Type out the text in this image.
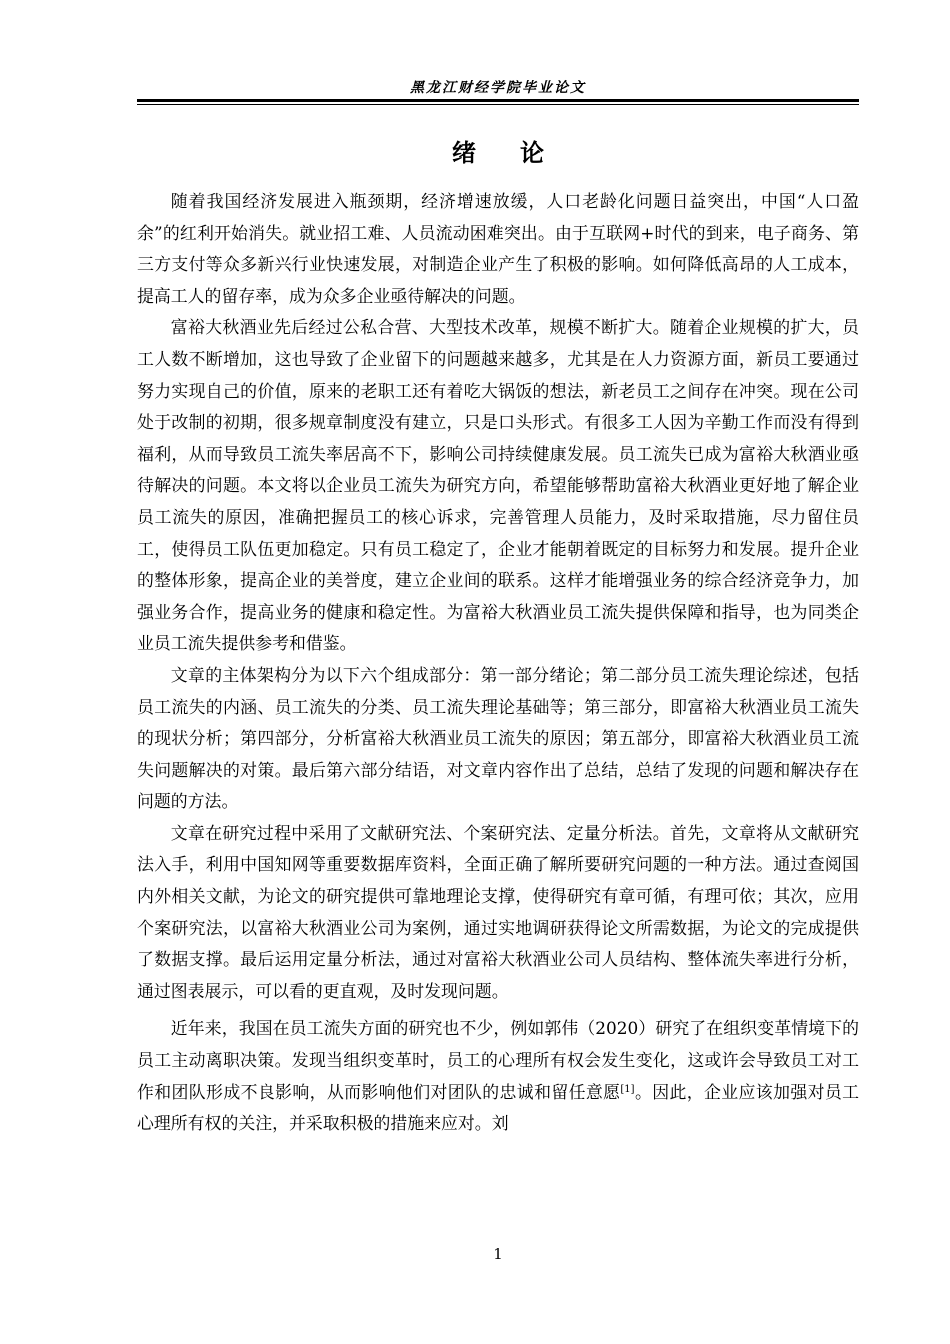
黑龙江财经学院毕业论文
绪 论

随着我国经济发展进入瓶颈期，经济增速放缓，人口老龄化问题日益突出，中国“人口盈余”的红利开始消失。就业招工难、人员流动困难突出。由于互联网+时代的到来，电子商务、第三方支付等众多新兴行业快速发展，对制造企业产生了积极的影响。如何降低高昂的人工成本，提高工人的留存率，成为众多企业亟待解决的问题。

富裕大秋酒业先后经过公私合营、大型技术改革，规模不断扩大。随着企业规模的扩大，员工人数不断增加，这也导致了企业留下的问题越来越多，尤其是在人力资源方面，新员工要通过努力实现自己的价值，原来的老职工还有着吃大锅饭的想法，新老员工之间存在冲突。现在公司处于改制的初期，很多规章制度没有建立，只是口头形式。有很多工人因为辛勤工作而没有得到福利，从而导致员工流失率居高不下，影响公司持续健康发展。员工流失已成为富裕大秋酒业亟待解决的问题。本文将以企业员工流失为研究方向，希望能够帮助富裕大秋酒业更好地了解企业员工流失的原因，准确把握员工的核心诉求，完善管理人员能力，及时采取措施，尽力留住员工，使得员工队伍更加稳定。只有员工稳定了，企业才能朝着既定的目标努力和发展。提升企业的整体形象，提高企业的美誉度，建立企业间的联系。这样才能增强业务的综合经济竞争力，加强业务合作，提高业务的健康和稳定性。为富裕大秋酒业员工流失提供保障和指导，也为同类企业员工流失提供参考和借鉴。

文章的主体架构分为以下六个组成部分：第一部分绪论；第二部分员工流失理论综述，包括员工流失的内涵、员工流失的分类、员工流失理论基础等；第三部分，即富裕大秋酒业员工流失的现状分析；第四部分，分析富裕大秋酒业员工流失的原因；第五部分，即富裕大秋酒业员工流失问题解决的对策。最后第六部分结语，对文章内容作出了总结，总结了发现的问题和解决存在问题的方法。

文章在研究过程中采用了文献研究法、个案研究法、定量分析法。首先，文章将从文献研究法入手，利用中国知网等重要数据库资料，全面正确了解所要研究问题的一种方法。通过查阅国内外相关文献，为论文的研究提供可靠地理论支撑，使得研究有章可循，有理可依；其次，应用个案研究法，以富裕大秋酒业公司为案例，通过实地调研获得论文所需数据，为论文的完成提供了数据支撑。最后运用定量分析法，通过对富裕大秋酒业公司人员结构、整体流失率进行分析，通过图表展示，可以看的更直观，及时发现问题。

近年来，我国在员工流失方面的研究也不少，例如郭伟（2020）研究了在组织变革情境下的员工主动离职决策。发现当组织变革时，员工的心理所有权会发生变化，这或许会导致员工对工作和团队形成不良影响，从而影响他们对团队的忠诚和留任意愿[1]。因此，企业应该加强对员工心理所有权的关注，并采取积极的措施来应对。刘

1
